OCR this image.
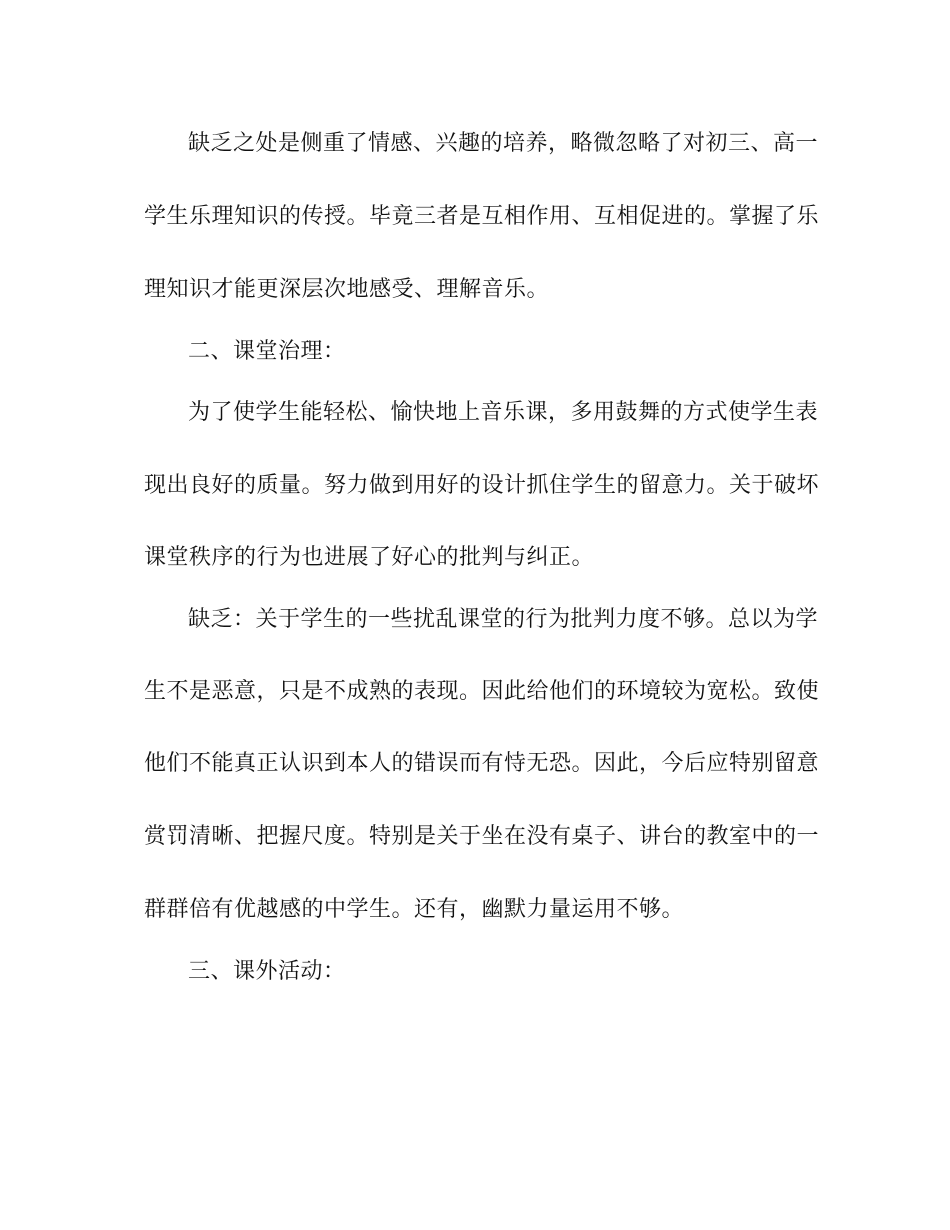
缺乏之处是侧重了情感、兴趣的培养，略微忽略了对初三、高一
学生乐理知识的传授。毕竟三者是互相作用、互相促进的。掌握了乐
理知识才能更深层次地感受、理解音乐。
二、课堂治理：
为了使学生能轻松、愉快地上音乐课，多用鼓舞的方式使学生表
现出良好的质量。努力做到用好的设计抓住学生的留意力。关于破坏
课堂秩序的行为也进展了好心的批判与纠正。
缺乏：关于学生的一些扰乱课堂的行为批判力度不够。总以为学
生不是恶意，只是不成熟的表现。因此给他们的环境较为宽松。致使
他们不能真正认识到本人的错误而有恃无恐。因此，今后应特别留意
赏罚清晰、把握尺度。特别是关于坐在没有桌子、讲台的教室中的一
群群倍有优越感的中学生。还有，幽默力量运用不够。
三、课外活动：
